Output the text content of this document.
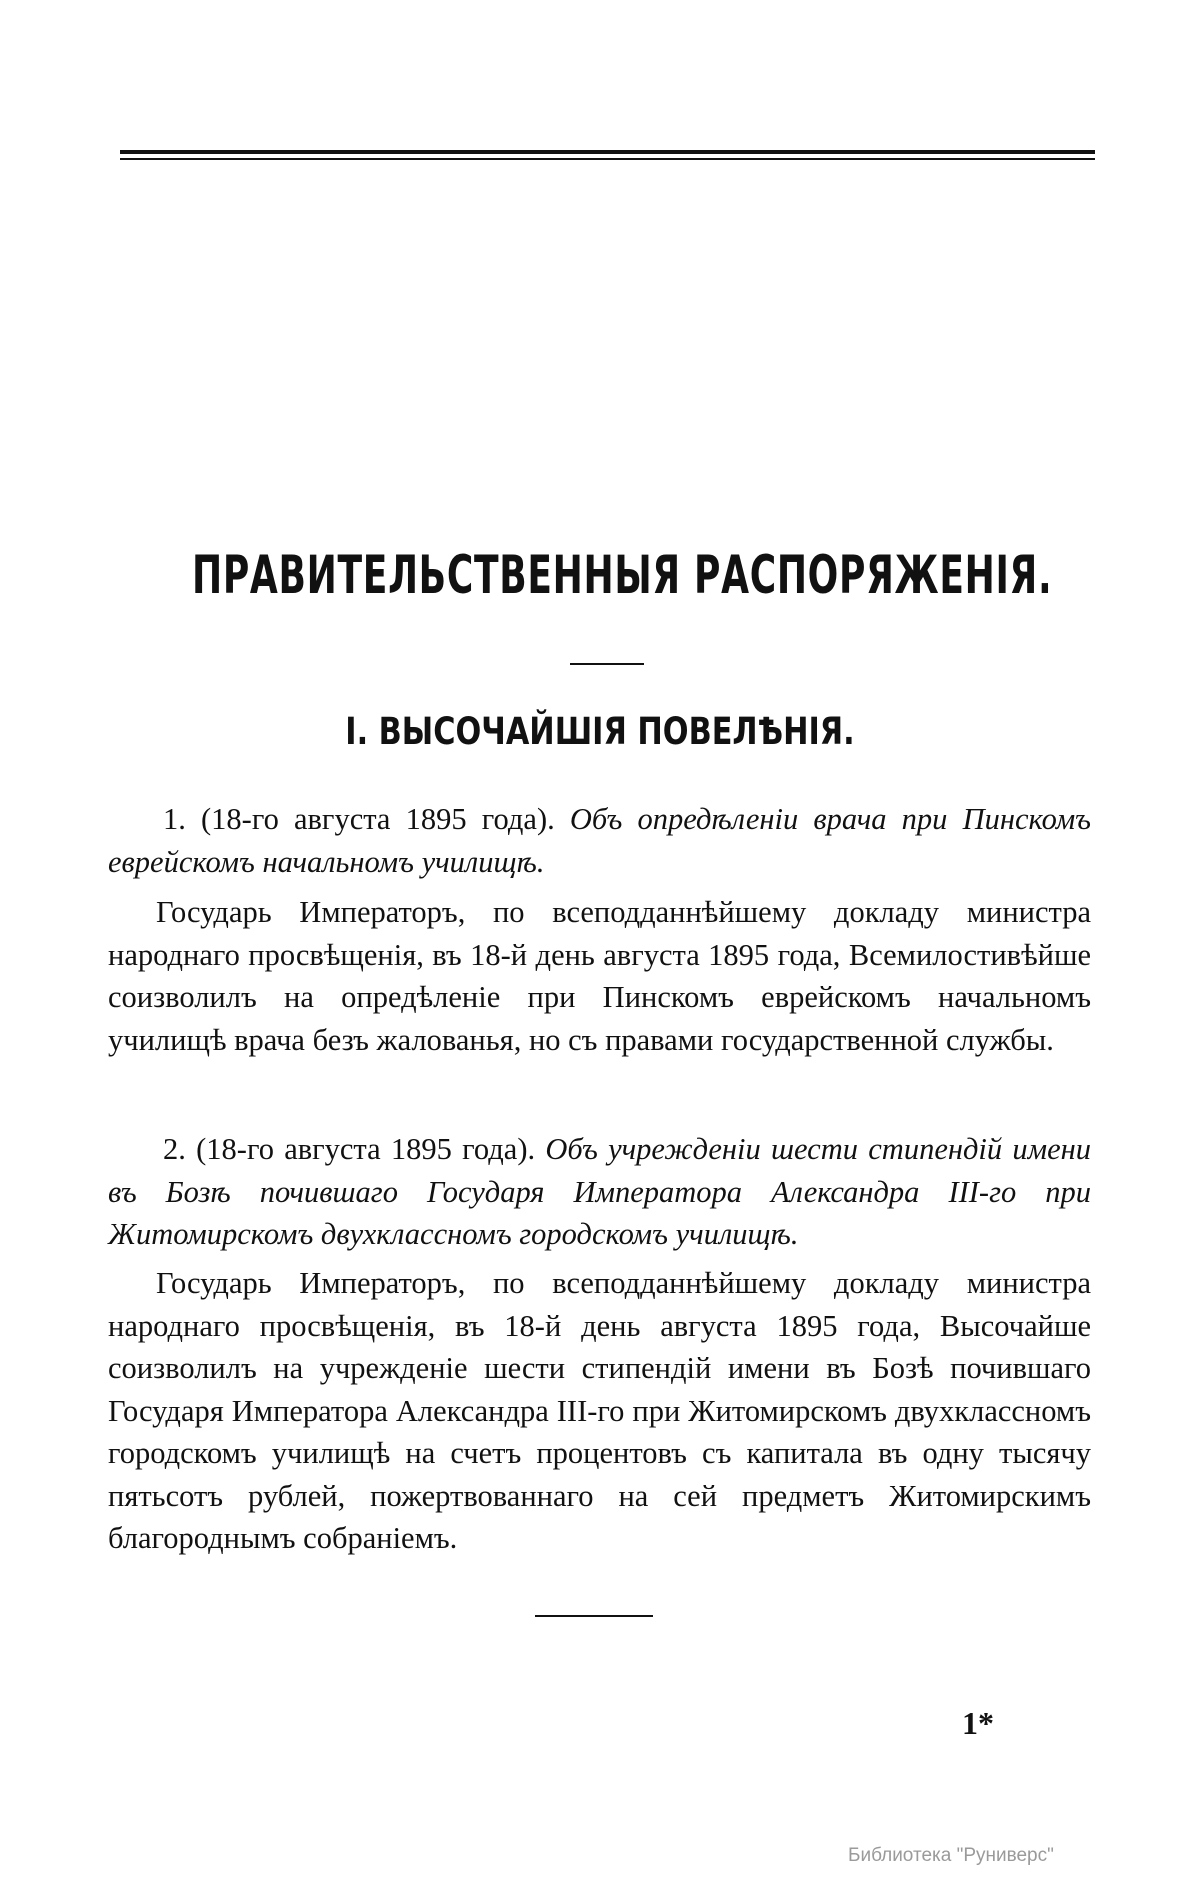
ПРАВИТЕЛЬСТВЕННЫЯ РАСПОРЯЖЕНІЯ.
I. ВЫСОЧАЙШІЯ ПОВЕЛѢНІЯ.
1. (18-го августа 1895 года). Объ опредѣленіи врача при Пинскомъ еврейскомъ начальномъ училищѣ.
Государь Императоръ, по всеподданнѣйшему докладу министра народнаго просвѣщенія, въ 18-й день августа 1895 года, Всемилостивѣйше соизволилъ на опредѣленіе при Пинскомъ еврейскомъ начальномъ училищѣ врача безъ жалованья, но съ правами государственной службы.
2. (18-го августа 1895 года). Объ учрежденіи шести стипендій имени въ Бозѣ почившаго Государя Императора Александра III-го при Житомирскомъ двухклассномъ городскомъ училищѣ.
Государь Императоръ, по всеподданнѣйшему докладу министра народнаго просвѣщенія, въ 18-й день августа 1895 года, Высочайше соизволилъ на учрежденіе шести стипендій имени въ Бозѣ почившаго Государя Императора Александра III-го при Житомирскомъ двухклассномъ городскомъ училищѣ на счетъ процентовъ съ капитала въ одну тысячу пятьсотъ рублей, пожертвованнаго на сей предметъ Житомирскимъ благороднымъ собраніемъ.
1*
Библиотека "Руниверс"
